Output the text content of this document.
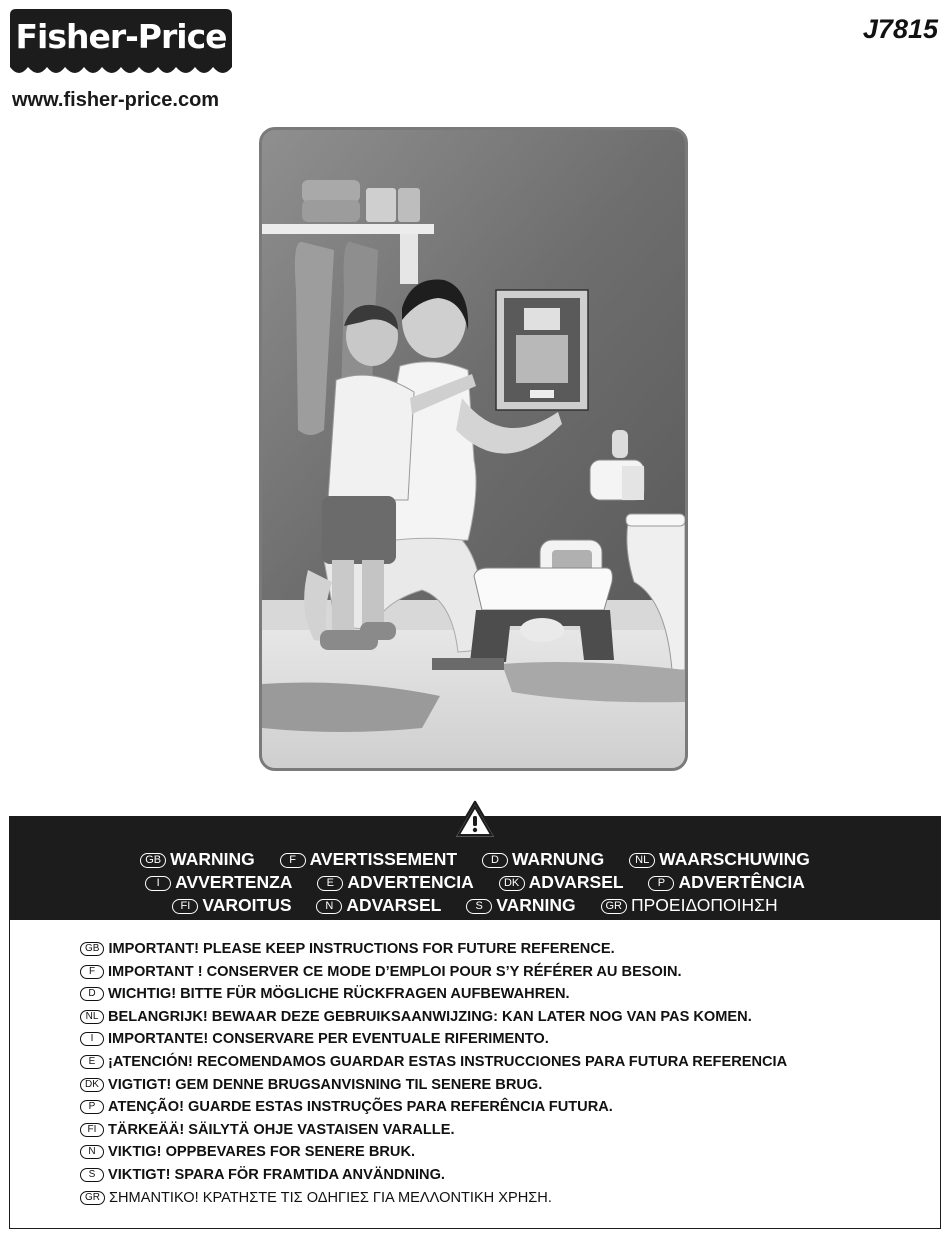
Fisher-Price
www.fisher-price.com
J7815
GB WARNING	F AVERTISSEMENT	D WARNUNG	NL WAARSCHUWING
I AVVERTENZA	E ADVERTENCIA	DK ADVARSEL	P ADVERTÊNCIA
FI VAROITUS	N ADVARSEL	S VARNING	GR ΠΡΟΕΙΔΟΠΟΙΗΣΗ
GB IMPORTANT! PLEASE KEEP INSTRUCTIONS FOR FUTURE REFERENCE.
F IMPORTANT ! CONSERVER CE MODE D’EMPLOI POUR S’Y RÉFÉRER AU BESOIN.
D WICHTIG! BITTE FÜR MÖGLICHE RÜCKFRAGEN AUFBEWAHREN.
NL BELANGRIJK! BEWAAR DEZE GEBRUIKSAANWIJZING: KAN LATER NOG VAN PAS KOMEN.
I IMPORTANTE! CONSERVARE PER EVENTUALE RIFERIMENTO.
E ¡ATENCIÓN! RECOMENDAMOS GUARDAR ESTAS INSTRUCCIONES PARA FUTURA REFERENCIA
DK VIGTIGT! GEM DENNE BRUGSANVISNING TIL SENERE BRUG.
P ATENÇÃO! GUARDE ESTAS INSTRUÇÕES PARA REFERÊNCIA FUTURA.
FI TÄRKEÄÄ! SÄILYTÄ OHJE VASTAISEN VARALLE.
N VIKTIG! OPPBEVARES FOR SENERE BRUK.
S VIKTIGT! SPARA FÖR FRAMTIDA ANVÄNDNING.
GR ΣΗΜΑΝΤΙΚΟ! ΚΡΑΤΗΣΤΕ ΤΙΣ ΟΔΗΓΙΕΣ ΓΙΑ ΜΕΛΛΟΝΤΙΚΗ ΧΡΗΣΗ.
